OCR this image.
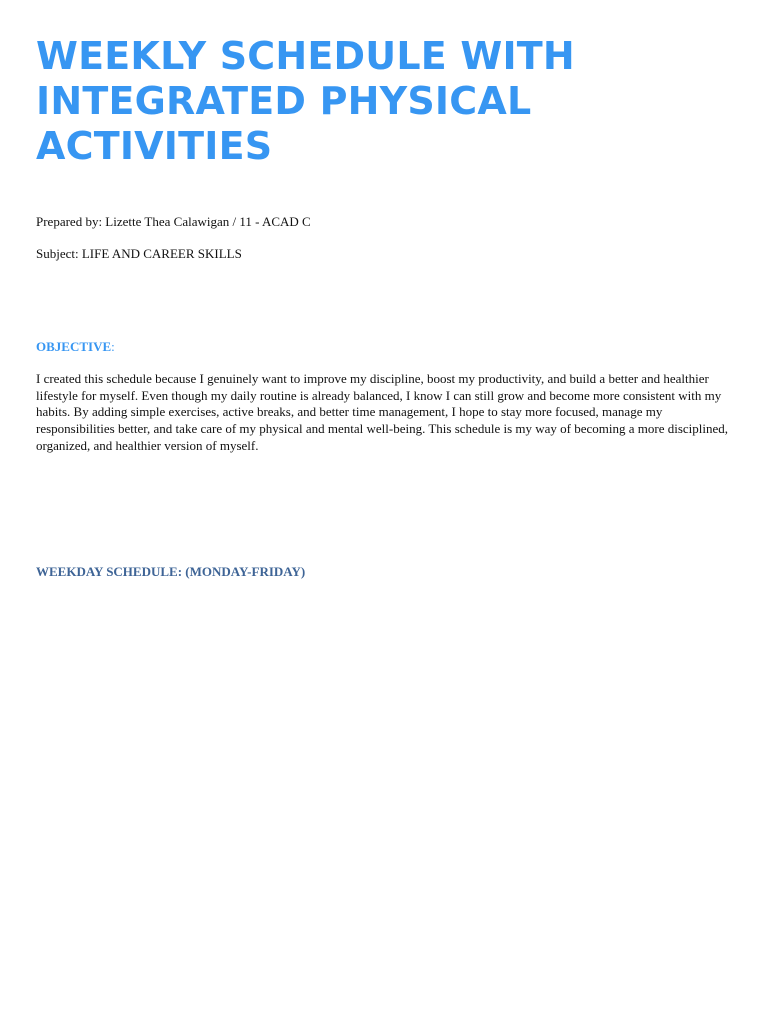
WEEKLY SCHEDULE WITH
INTEGRATED PHYSICAL
ACTIVITIES
Prepared by: Lizette Thea Calawigan / 11 - ACAD C
Subject: LIFE AND CAREER SKILLS
OBJECTIVE:

I created this schedule because I genuinely want to improve my discipline, boost my productivity, and build a better and healthier
lifestyle for myself. Even though my daily routine is already balanced, I know I can still grow and become more consistent with my
habits. By adding simple exercises, active breaks, and better time management, I hope to stay more focused, manage my
responsibilities better, and take care of my physical and mental well-being. This schedule is my way of becoming a more disciplined,
organized, and healthier version of myself.

WEEKDAY SCHEDULE: (MONDAY-FRIDAY)
